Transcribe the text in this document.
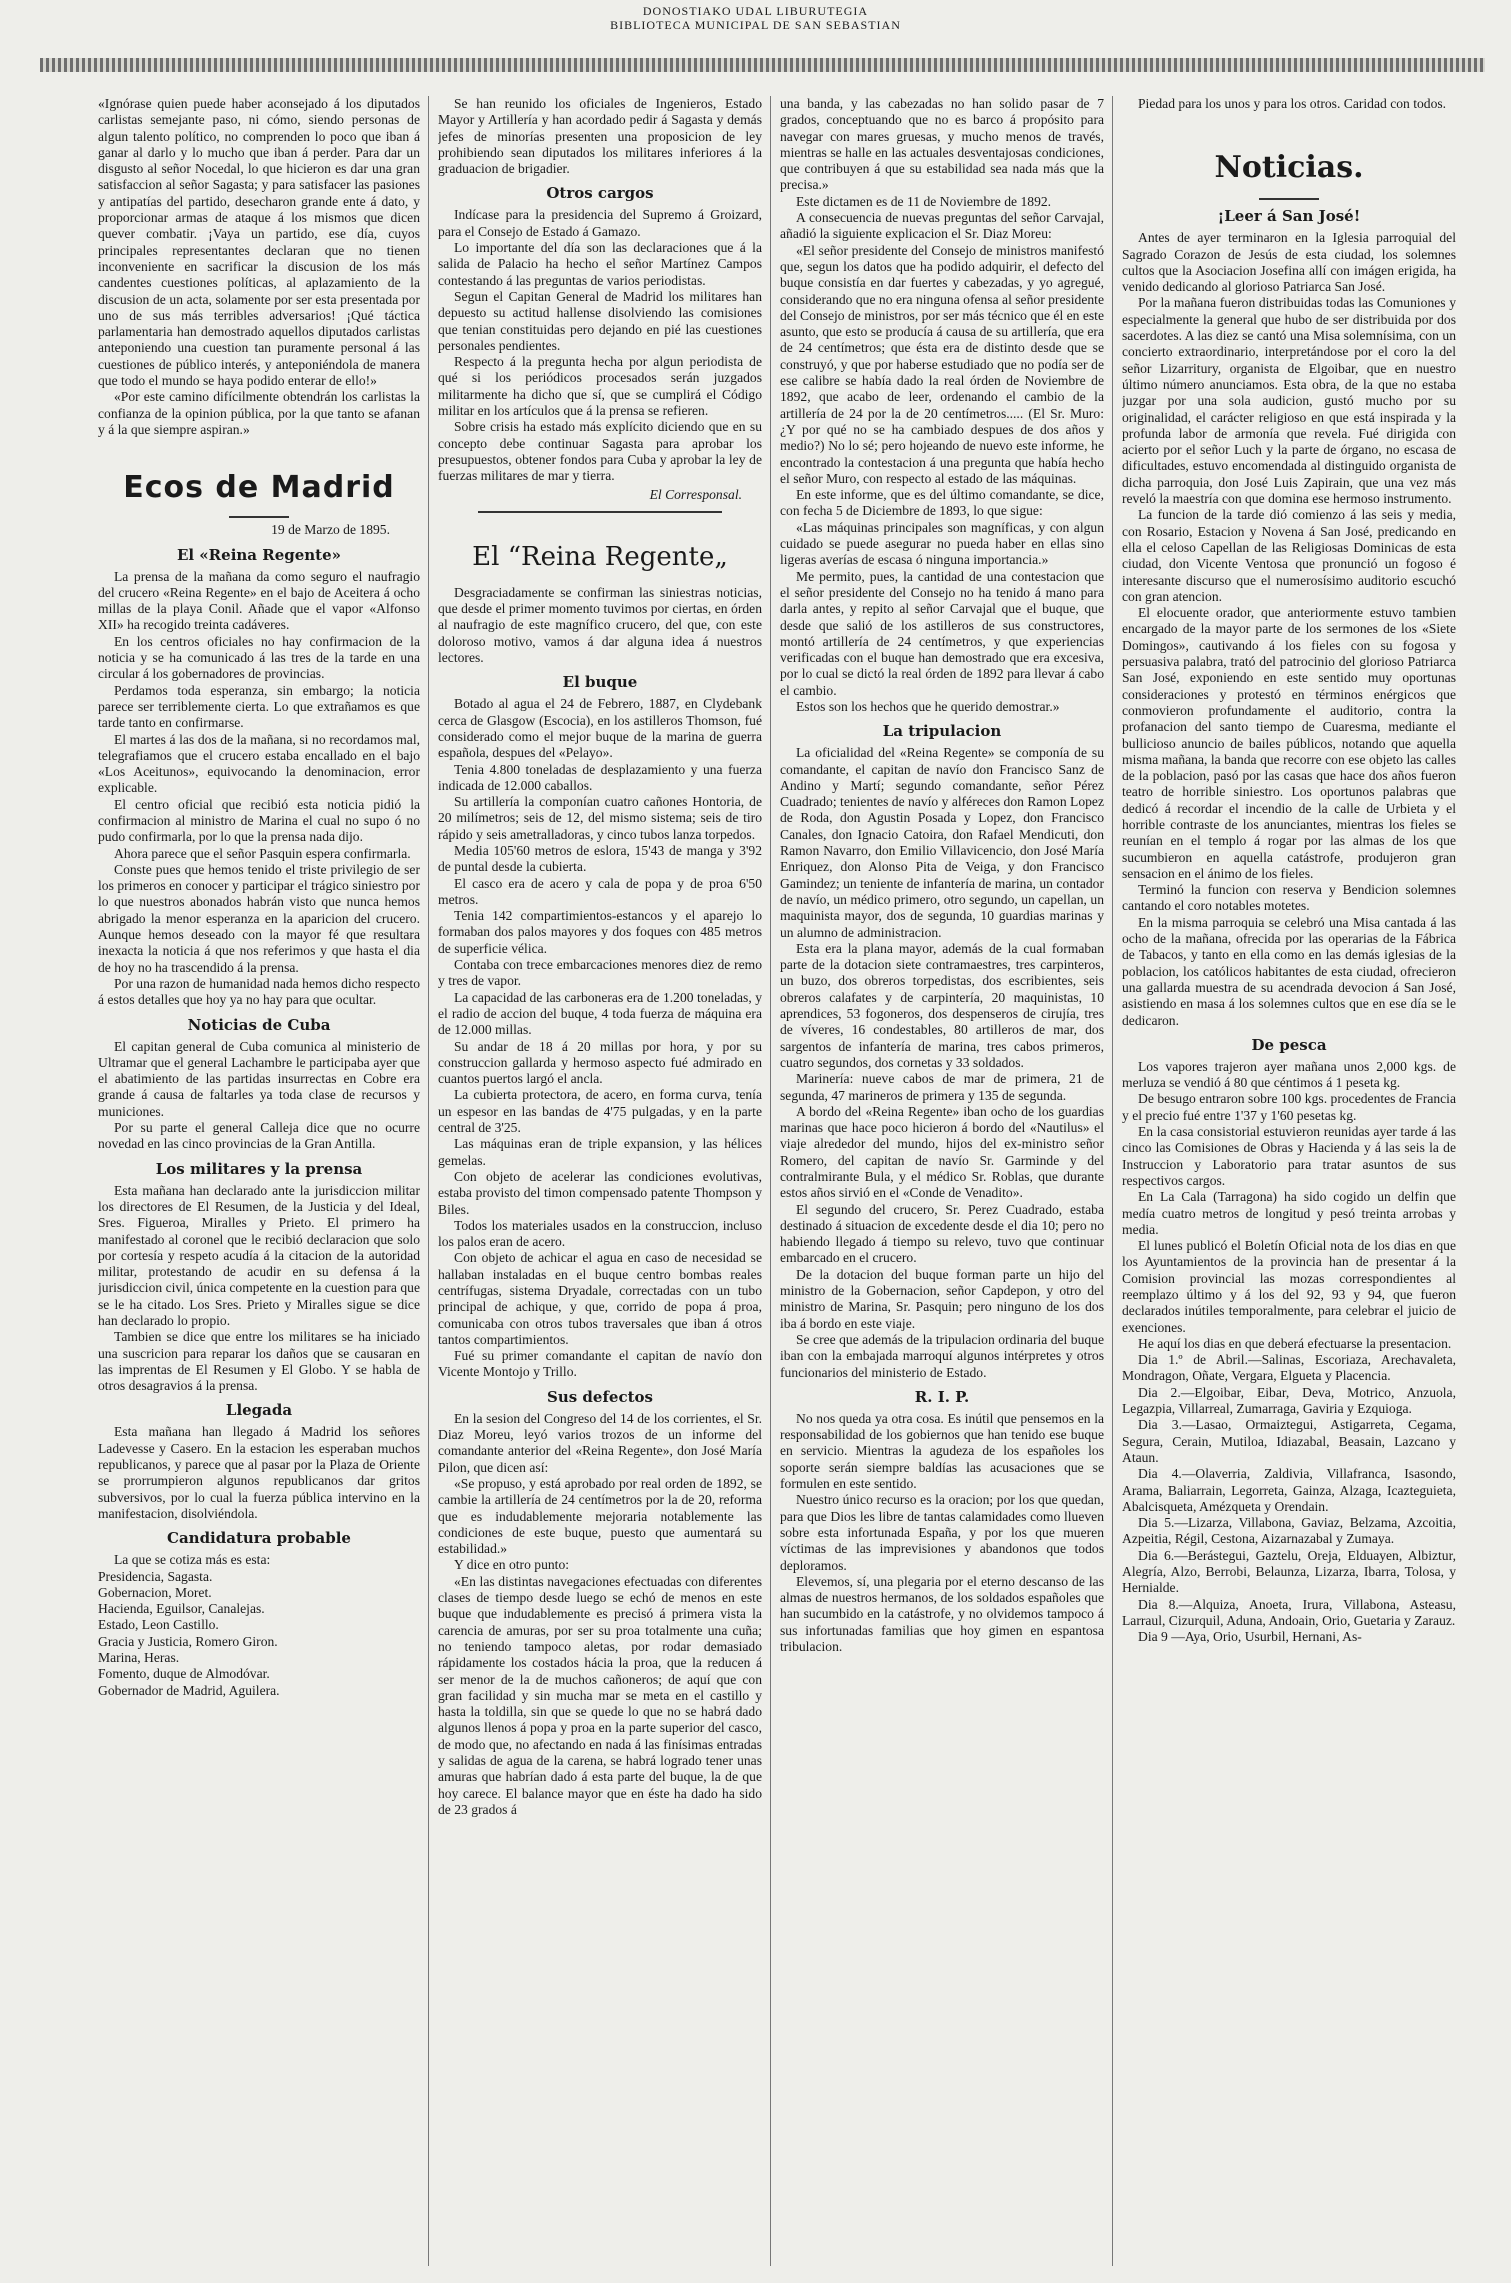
DONOSTIAKO UDAL LIBURUTEGIA
BIBLIOTECA MUNICIPAL DE SAN SEBASTIAN

«Ignórase quien puede haber aconsejado á los diputados carlistas semejante paso, ni cómo, siendo personas de algun talento político, no comprenden lo poco que iban á ganar al darlo y lo mucho que iban á perder. Para dar un disgusto al señor Nocedal, lo que hicieron es dar una gran satisfaccion al señor Sagasta; y para satisfacer las pasiones y antipatías del partido, desecharon grande ente á dato, y proporcionar armas de ataque á los mismos que dicen quever combatir. ¡Vaya un partido, ese día, cuyos principales representantes declaran que no tienen inconveniente en sacrificar la discusion de los más candentes cuestiones políticas, al aplazamiento de la discusion de un acta, solamente por ser esta presentada por uno de sus más terribles adversarios! ¡Qué táctica parlamentaria han demostrado aquellos diputados carlistas anteponiendo una cuestion tan puramente personal á las cuestiones de público interés, y anteponiéndola de manera que todo el mundo se haya podido enterar de ello!»

«Por este camino difícilmente obtendrán los carlistas la confianza de la opinion pública, por la que tanto se afanan y á la que siempre aspiran.»

Ecos de Madrid
19 de Marzo de 1895.
El «Reina Regente»

La prensa de la mañana da como seguro el naufragio del crucero «Reina Regente» en el bajo de Aceitera á ocho millas de la playa Conil. Añade que el vapor «Alfonso XII» ha recogido treinta cadáveres.

En los centros oficiales no hay confirmacion de la noticia y se ha comunicado á las tres de la tarde en una circular á los gobernadores de provincias.

Perdamos toda esperanza, sin embargo; la noticia parece ser terriblemente cierta. Lo que extrañamos es que tarde tanto en confirmarse.

El martes á las dos de la mañana, si no recordamos mal, telegrafiamos que el crucero estaba encallado en el bajo «Los Aceitunos», equivocando la denominacion, error explicable.

El centro oficial que recibió esta noticia pidió la confirmacion al ministro de Marina el cual no supo ó no pudo confirmarla, por lo que la prensa nada dijo.

Ahora parece que el señor Pasquin espera confirmarla.

Conste pues que hemos tenido el triste privilegio de ser los primeros en conocer y participar el trágico siniestro por lo que nuestros abonados habrán visto que nunca hemos abrigado la menor esperanza en la aparicion del crucero. Aunque hemos deseado con la mayor fé que resultara inexacta la noticia á que nos referimos y que hasta el dia de hoy no ha trascendido á la prensa.

Por una razon de humanidad nada hemos dicho respecto á estos detalles que hoy ya no hay para que ocultar.

Noticias de Cuba

El capitan general de Cuba comunica al ministerio de Ultramar que el general Lachambre le participaba ayer que el abatimiento de las partidas insurrectas en Cobre era grande á causa de faltarles ya toda clase de recursos y municiones.

Por su parte el general Calleja dice que no ocurre novedad en las cinco provincias de la Gran Antilla.

Los militares y la prensa

Esta mañana han declarado ante la jurisdiccion militar los directores de El Resumen, de la Justicia y del Ideal, Sres. Figueroa, Miralles y Prieto. El primero ha manifestado al coronel que le recibió declaracion que solo por cortesía y respeto acudía á la citacion de la autoridad militar, protestando de acudir en su defensa á la jurisdiccion civil, única competente en la cuestion para que se le ha citado. Los Sres. Prieto y Miralles sigue se dice han declarado lo propio.

Tambien se dice que entre los militares se ha iniciado una suscricion para reparar los daños que se causaran en las imprentas de El Resumen y El Globo. Y se habla de otros desagravios á la prensa.

Llegada

Esta mañana han llegado á Madrid los señores Ladevesse y Casero. En la estacion les esperaban muchos republicanos, y parece que al pasar por la Plaza de Oriente se prorrumpieron algunos republicanos dar gritos subversivos, por lo cual la fuerza pública intervino en la manifestacion, disolviéndola.

Candidatura probable

La que se cotiza más es esta:

Presidencia, Sagasta.

Gobernacion, Moret.

Hacienda, Eguilsor, Canalejas.

Estado, Leon Castillo.

Gracia y Justicia, Romero Giron.

Marina, Heras.

Fomento, duque de Almodóvar.

Gobernador de Madrid, Aguilera.

Se han reunido los oficiales de Ingenieros, Estado Mayor y Artillería y han acordado pedir á Sagasta y demás jefes de minorías presenten una proposicion de ley prohibiendo sean diputados los militares inferiores á la graduacion de brigadier.

Otros cargos

Indícase para la presidencia del Supremo á Groizard, para el Consejo de Estado á Gamazo.

Lo importante del día son las declaraciones que á la salida de Palacio ha hecho el señor Martínez Campos contestando á las preguntas de varios periodistas.

Segun el Capitan General de Madrid los militares han depuesto su actitud hallense disolviendo las comisiones que tenian constituidas pero dejando en pié las cuestiones personales pendientes.

Respecto á la pregunta hecha por algun periodista de qué si los periódicos procesados serán juzgados militarmente ha dicho que sí, que se cumplirá el Código militar en los artículos que á la prensa se refieren.

Sobre crisis ha estado más explícito diciendo que en su concepto debe continuar Sagasta para aprobar los presupuestos, obtener fondos para Cuba y aprobar la ley de fuerzas militares de mar y tierra.

El Corresponsal.
El “Reina Regente„

Desgraciadamente se confirman las siniestras noticias, que desde el primer momento tuvimos por ciertas, en órden al naufragio de este magnífico crucero, del que, con este doloroso motivo, vamos á dar alguna idea á nuestros lectores.

El buque

Botado al agua el 24 de Febrero, 1887, en Clydebank cerca de Glasgow (Escocia), en los astilleros Thomson, fué considerado como el mejor buque de la marina de guerra española, despues del «Pelayo».

Tenia 4.800 toneladas de desplazamiento y una fuerza indicada de 12.000 caballos.

Su artillería la componían cuatro cañones Hontoria, de 20 milímetros; seis de 12, del mismo sistema; seis de tiro rápido y seis ametralladoras, y cinco tubos lanza torpedos.

Media 105'60 metros de eslora, 15'43 de manga y 3'92 de puntal desde la cubierta.

El casco era de acero y cala de popa y de proa 6'50 metros.

Tenia 142 compartimientos-estancos y el aparejo lo formaban dos palos mayores y dos foques con 485 metros de superficie vélica.

Contaba con trece embarcaciones menores diez de remo y tres de vapor.

La capacidad de las carboneras era de 1.200 toneladas, y el radio de accion del buque, 4 toda fuerza de máquina era de 12.000 millas.

Su andar de 18 á 20 millas por hora, y por su construccion gallarda y hermoso aspecto fué admirado en cuantos puertos largó el ancla.

La cubierta protectora, de acero, en forma curva, tenía un espesor en las bandas de 4'75 pulgadas, y en la parte central de 3'25.

Las máquinas eran de triple expansion, y las hélices gemelas.

Con objeto de acelerar las condiciones evolutivas, estaba provisto del timon compensado patente Thompson y Biles.

Todos los materiales usados en la construccion, incluso los palos eran de acero.

Con objeto de achicar el agua en caso de necesidad se hallaban instaladas en el buque centro bombas reales centrífugas, sistema Dryadale, correctadas con un tubo principal de achique, y que, corrido de popa á proa, comunicaba con otros tubos traversales que iban á otros tantos compartimientos.

Fué su primer comandante el capitan de navío don Vicente Montojo y Trillo.

Sus defectos

En la sesion del Congreso del 14 de los corrientes, el Sr. Diaz Moreu, leyó varios trozos de un informe del comandante anterior del «Reina Regente», don José María Pilon, que dicen así:

«Se propuso, y está aprobado por real orden de 1892, se cambie la artillería de 24 centímetros por la de 20, reforma que es indudablemente mejoraria notablemente las condiciones de este buque, puesto que aumentará su estabilidad.»

Y dice en otro punto:

«En las distintas navegaciones efectuadas con diferentes clases de tiempo desde luego se echó de menos en este buque que indudablemente es precisó á primera vista la carencia de amuras, por ser su proa totalmente una cuña; no teniendo tampoco aletas, por rodar demasiado rápidamente los costados hácia la proa, que la reducen á ser menor de la de muchos cañoneros; de aquí que con gran facilidad y sin mucha mar se meta en el castillo y hasta la toldilla, sin que se quede lo que no se habrá dado algunos llenos á popa y proa en la parte superior del casco, de modo que, no afectando en nada á las finísimas entradas y salidas de agua de la carena, se habrá logrado tener unas amuras que habrían dado á esta parte del buque, la de que hoy carece. El balance mayor que en éste ha dado ha sido de 23 grados á

una banda, y las cabezadas no han solido pasar de 7 grados, conceptuando que no es barco á propósito para navegar con mares gruesas, y mucho menos de través, mientras se halle en las actuales desventajosas condiciones, que contribuyen á que su estabilidad sea nada más que la precisa.»

Este dictamen es de 11 de Noviembre de 1892.

A consecuencia de nuevas preguntas del señor Carvajal, añadió la siguiente explicacion el Sr. Diaz Moreu:

«El señor presidente del Consejo de ministros manifestó que, segun los datos que ha podido adquirir, el defecto del buque consistía en dar fuertes y cabezadas, y yo agregué, considerando que no era ninguna ofensa al señor presidente del Consejo de ministros, por ser más técnico que él en este asunto, que esto se producía á causa de su artillería, que era de 24 centímetros; que ésta era de distinto desde que se construyó, y que por haberse estudiado que no podía ser de ese calibre se había dado la real órden de Noviembre de 1892, que acabo de leer, ordenando el cambio de la artillería de 24 por la de 20 centímetros..... (El Sr. Muro: ¿Y por qué no se ha cambiado despues de dos años y medio?) No lo sé; pero hojeando de nuevo este informe, he encontrado la contestacion á una pregunta que había hecho el señor Muro, con respecto al estado de las máquinas.

En este informe, que es del último comandante, se dice, con fecha 5 de Diciembre de 1893, lo que sigue:

«Las máquinas principales son magníficas, y con algun cuidado se puede asegurar no pueda haber en ellas sino ligeras averías de escasa ó ninguna importancia.»

Me permito, pues, la cantidad de una contestacion que el señor presidente del Consejo no ha tenido á mano para darla antes, y repito al señor Carvajal que el buque, que desde que salió de los astilleros de sus constructores, montó artillería de 24 centímetros, y que experiencias verificadas con el buque han demostrado que era excesiva, por lo cual se dictó la real órden de 1892 para llevar á cabo el cambio.

Estos son los hechos que he querido demostrar.»

La tripulacion

La oficialidad del «Reina Regente» se componía de su comandante, el capitan de navío don Francisco Sanz de Andino y Martí; segundo comandante, señor Pérez Cuadrado; tenientes de navío y alféreces don Ramon Lopez de Roda, don Agustin Posada y Lopez, don Francisco Canales, don Ignacio Catoira, don Rafael Mendicuti, don Ramon Navarro, don Emilio Villavicencio, don José María Enriquez, don Alonso Pita de Veiga, y don Francisco Gamindez; un teniente de infantería de marina, un contador de navío, un médico primero, otro segundo, un capellan, un maquinista mayor, dos de segunda, 10 guardias marinas y un alumno de administracion.

Esta era la plana mayor, además de la cual formaban parte de la dotacion siete contramaestres, tres carpinteros, un buzo, dos obreros torpedistas, dos escribientes, seis obreros calafates y de carpintería, 20 maquinistas, 10 aprendices, 53 fogoneros, dos despenseros de cirujía, tres de víveres, 16 condestables, 80 artilleros de mar, dos sargentos de infantería de marina, tres cabos primeros, cuatro segundos, dos cornetas y 33 soldados.

Marinería: nueve cabos de mar de primera, 21 de segunda, 47 marineros de primera y 135 de segunda.

A bordo del «Reina Regente» iban ocho de los guardias marinas que hace poco hicieron á bordo del «Nautilus» el viaje alrededor del mundo, hijos del ex-ministro señor Romero, del capitan de navío Sr. Garminde y del contralmirante Bula, y el médico Sr. Roblas, que durante estos años sirvió en el «Conde de Venadito».

El segundo del crucero, Sr. Perez Cuadrado, estaba destinado á situacion de excedente desde el dia 10; pero no habiendo llegado á tiempo su relevo, tuvo que continuar embarcado en el crucero.

De la dotacion del buque forman parte un hijo del ministro de la Gobernacion, señor Capdepon, y otro del ministro de Marina, Sr. Pasquin; pero ninguno de los dos iba á bordo en este viaje.

Se cree que además de la tripulacion ordinaria del buque iban con la embajada marroquí algunos intérpretes y otros funcionarios del ministerio de Estado.

R. I. P.

No nos queda ya otra cosa. Es inútil que pensemos en la responsabilidad de los gobiernos que han tenido ese buque en servicio. Mientras la agudeza de los españoles los soporte serán siempre baldías las acusaciones que se formulen en este sentido.

Nuestro único recurso es la oracion; por los que quedan, para que Dios les libre de tantas calamidades como llueven sobre esta infortunada España, y por los que mueren víctimas de las imprevisiones y abandonos que todos deploramos.

Elevemos, sí, una plegaria por el eterno descanso de las almas de nuestros hermanos, de los soldados españoles que han sucumbido en la catástrofe, y no olvidemos tampoco á sus infortunadas familias que hoy gimen en espantosa tribulacion.

Piedad para los unos y para los otros. Caridad con todos.

Noticias.
¡Leer á San José!

Antes de ayer terminaron en la Iglesia parroquial del Sagrado Corazon de Jesús de esta ciudad, los solemnes cultos que la Asociacion Josefina allí con imágen erigida, ha venido dedicando al glorioso Patriarca San José.

Por la mañana fueron distribuidas todas las Comuniones y especialmente la general que hubo de ser distribuida por dos sacerdotes. A las diez se cantó una Misa solemnísima, con un concierto extraordinario, interpretándose por el coro la del señor Lizarritury, organista de Elgoibar, que en nuestro último número anunciamos. Esta obra, de la que no estaba juzgar por una sola audicion, gustó mucho por su originalidad, el carácter religioso en que está inspirada y la profunda labor de armonía que revela. Fué dirigida con acierto por el señor Luch y la parte de órgano, no escasa de dificultades, estuvo encomendada al distinguido organista de dicha parroquia, don José Luis Zapirain, que una vez más reveló la maestría con que domina ese hermoso instrumento.

La funcion de la tarde dió comienzo á las seis y media, con Rosario, Estacion y Novena á San José, predicando en ella el celoso Capellan de las Religiosas Dominicas de esta ciudad, don Vicente Ventosa que pronunció un fogoso é interesante discurso que el numerosísimo auditorio escuchó con gran atencion.

El elocuente orador, que anteriormente estuvo tambien encargado de la mayor parte de los sermones de los «Siete Domingos», cautivando á los fieles con su fogosa y persuasiva palabra, trató del patrocinio del glorioso Patriarca San José, exponiendo en este sentido muy oportunas consideraciones y protestó en términos enérgicos que conmovieron profundamente el auditorio, contra la profanacion del santo tiempo de Cuaresma, mediante el bullicioso anuncio de bailes públicos, notando que aquella misma mañana, la banda que recorre con ese objeto las calles de la poblacion, pasó por las casas que hace dos años fueron teatro de horrible siniestro. Los oportunos palabras que dedicó á recordar el incendio de la calle de Urbieta y el horrible contraste de los anunciantes, mientras los fieles se reunían en el templo á rogar por las almas de los que sucumbieron en aquella catástrofe, produjeron gran sensacion en el ánimo de los fieles.

Terminó la funcion con reserva y Bendicion solemnes cantando el coro notables motetes.

En la misma parroquia se celebró una Misa cantada á las ocho de la mañana, ofrecida por las operarias de la Fábrica de Tabacos, y tanto en ella como en las demás iglesias de la poblacion, los católicos habitantes de esta ciudad, ofrecieron una gallarda muestra de su acendrada devocion á San José, asistiendo en masa á los solemnes cultos que en ese día se le dedicaron.

De pesca

Los vapores trajeron ayer mañana unos 2,000 kgs. de merluza se vendió á 80 que céntimos á 1 peseta kg.

De besugo entraron sobre 100 kgs. procedentes de Francia y el precio fué entre 1'37 y 1'60 pesetas kg.

En la casa consistorial estuvieron reunidas ayer tarde á las cinco las Comisiones de Obras y Hacienda y á las seis la de Instruccion y Laboratorio para tratar asuntos de sus respectivos cargos.

En La Cala (Tarragona) ha sido cogido un delfin que medía cuatro metros de longitud y pesó treinta arrobas y media.

El lunes publicó el Boletín Oficial nota de los dias en que los Ayuntamientos de la provincia han de presentar á la Comision provincial las mozas correspondientes al reemplazo último y á los del 92, 93 y 94, que fueron declarados inútiles temporalmente, para celebrar el juicio de exenciones.

He aquí los dias en que deberá efectuarse la presentacion.

Dia 1.º de Abril.—Salinas, Escoriaza, Arechavaleta, Mondragon, Oñate, Vergara, Elgueta y Placencia.

Dia 2.—Elgoibar, Eibar, Deva, Motrico, Anzuola, Legazpia, Villarreal, Zumarraga, Gaviria y Ezquioga.

Dia 3.—Lasao, Ormaiztegui, Astigarreta, Cegama, Segura, Cerain, Mutiloa, Idiazabal, Beasain, Lazcano y Ataun.

Dia 4.—Olaverria, Zaldivia, Villafranca, Isasondo, Arama, Baliarrain, Legorreta, Gainza, Alzaga, Icazteguieta, Abalcisqueta, Amézqueta y Orendain.

Dia 5.—Lizarza, Villabona, Gaviaz, Belzama, Azcoitia, Azpeitia, Régil, Cestona, Aizarnazabal y Zumaya.

Dia 6.—Berástegui, Gaztelu, Oreja, Elduayen, Albiztur, Alegría, Alzo, Berrobi, Belaunza, Lizarza, Ibarra, Tolosa, y Hernialde.

Dia 8.—Alquiza, Anoeta, Irura, Villabona, Asteasu, Larraul, Cizurquil, Aduna, Andoain, Orio, Guetaria y Zarauz.

Dia 9 —Aya, Orio, Usurbil, Hernani, As-
